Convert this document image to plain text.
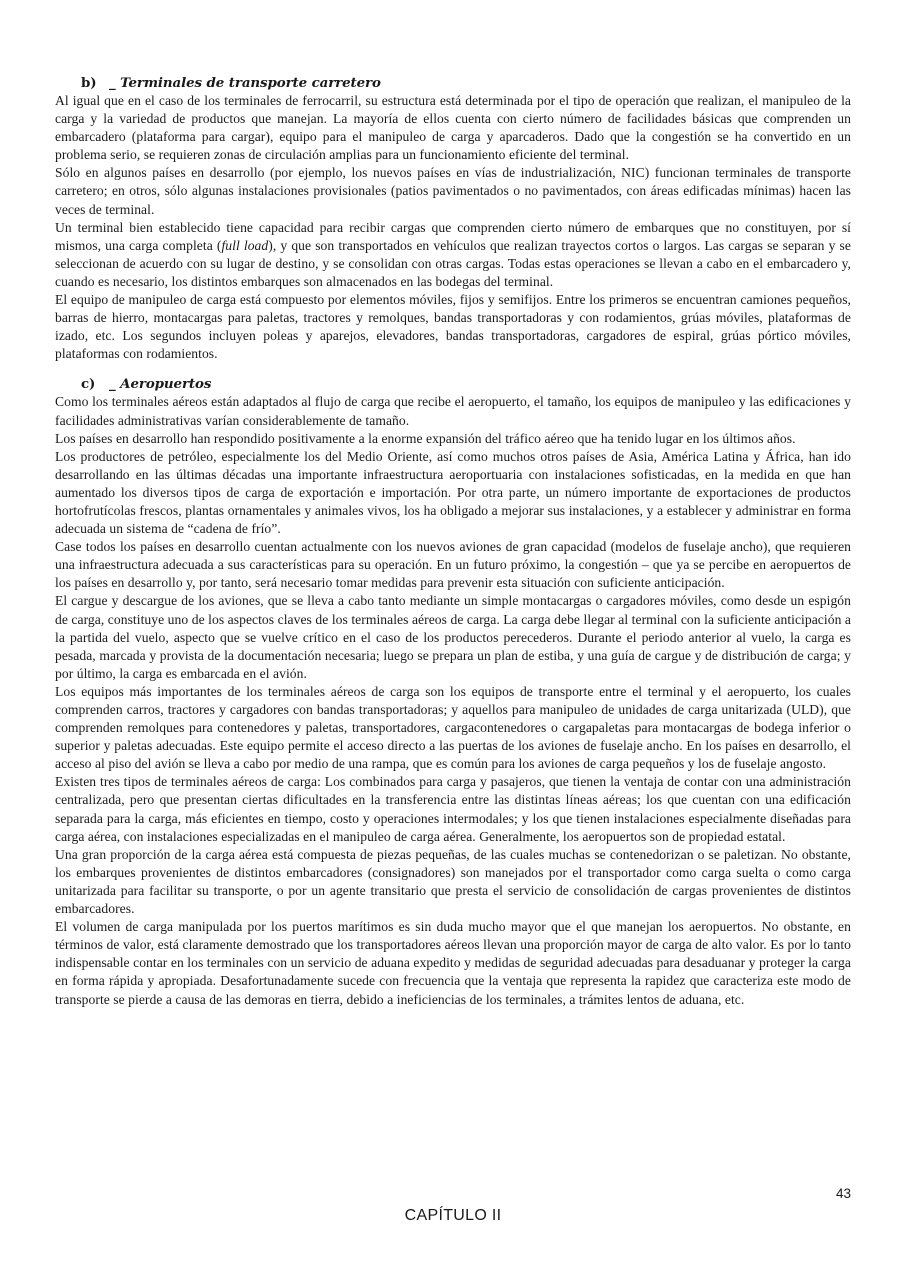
b) _ Terminales de transporte carretero

Al igual que en el caso de los terminales de ferrocarril, su estructura está determinada por el tipo de operación que realizan, el manipuleo de la carga y la variedad de productos que manejan. La mayoría de ellos cuenta con cierto número de facilidades básicas que comprenden un embarcadero (plataforma para cargar), equipo para el manipuleo de carga y aparcaderos. Dado que la congestión se ha convertido en un problema serio, se requieren zonas de circulación amplias para un funcionamiento eficiente del terminal.

Sólo en algunos países en desarrollo (por ejemplo, los nuevos países en vías de industrialización, NIC) funcionan terminales de transporte carretero; en otros, sólo algunas instalaciones provisionales (patios pavimentados o no pavimentados, con áreas edificadas mínimas) hacen las veces de terminal.

Un terminal bien establecido tiene capacidad para recibir cargas que comprenden cierto número de embarques que no constituyen, por sí mismos, una carga completa (full load), y que son transportados en vehículos que realizan trayectos cortos o largos. Las cargas se separan y se seleccionan de acuerdo con su lugar de destino, y se consolidan con otras cargas. Todas estas operaciones se llevan a cabo en el embarcadero y, cuando es necesario, los distintos embarques son almacenados en las bodegas del terminal.

El equipo de manipuleo de carga está compuesto por elementos móviles, fijos y semifijos. Entre los primeros se encuentran camiones pequeños, barras de hierro, montacargas para paletas, tractores y remolques, bandas transportadoras y con rodamientos, grúas móviles, plataformas de izado, etc. Los segundos incluyen poleas y aparejos, elevadores, bandas transportadoras, cargadores de espiral, grúas pórtico móviles, plataformas con rodamientos.

c) _ Aeropuertos

Como los terminales aéreos están adaptados al flujo de carga que recibe el aeropuerto, el tamaño, los equipos de manipuleo y las edificaciones y facilidades administrativas varían considerablemente de tamaño.

Los países en desarrollo han respondido positivamente a la enorme expansión del tráfico aéreo que ha tenido lugar en los últimos años.

Los productores de petróleo, especialmente los del Medio Oriente, así como muchos otros países de Asia, América Latina y África, han ido desarrollando en las últimas décadas una importante infraestructura aeroportuaria con instalaciones sofisticadas, en la medida en que han aumentado los diversos tipos de carga de exportación e importación. Por otra parte, un número importante de exportaciones de productos hortofrutícolas frescos, plantas ornamentales y animales vivos, los ha obligado a mejorar sus instalaciones, y a establecer y administrar en forma adecuada un sistema de “cadena de frío”.

Case todos los países en desarrollo cuentan actualmente con los nuevos aviones de gran capacidad (modelos de fuselaje ancho), que requieren una infraestructura adecuada a sus características para su operación. En un futuro próximo, la congestión – que ya se percibe en aeropuertos de los países en desarrollo y, por tanto, será necesario tomar medidas para prevenir esta situación con suficiente anticipación.

El cargue y descargue de los aviones, que se lleva a cabo tanto mediante un simple montacargas o cargadores móviles, como desde un espigón de carga, constituye uno de los aspectos claves de los terminales aéreos de carga. La carga debe llegar al terminal con la suficiente anticipación a la partida del vuelo, aspecto que se vuelve crítico en el caso de los productos perecederos. Durante el periodo anterior al vuelo, la carga es pesada, marcada y provista de la documentación necesaria; luego se prepara un plan de estiba, y una guía de cargue y de distribución de carga; y por último, la carga es embarcada en el avión.

Los equipos más importantes de los terminales aéreos de carga son los equipos de transporte entre el terminal y el aeropuerto, los cuales comprenden carros, tractores y cargadores con bandas transportadoras; y aquellos para manipuleo de unidades de carga unitarizada (ULD), que comprenden remolques para contenedores y paletas, transportadores, cargacontenedores o cargapaletas para montacargas de bodega inferior o superior y paletas adecuadas. Este equipo permite el acceso directo a las puertas de los aviones de fuselaje ancho. En los países en desarrollo, el acceso al piso del avión se lleva a cabo por medio de una rampa, que es común para los aviones de carga pequeños y los de fuselaje angosto.

Existen tres tipos de terminales aéreos de carga: Los combinados para carga y pasajeros, que tienen la ventaja de contar con una administración centralizada, pero que presentan ciertas dificultades en la transferencia entre las distintas líneas aéreas; los que cuentan con una edificación separada para la carga, más eficientes en tiempo, costo y operaciones intermodales; y los que tienen instalaciones especialmente diseñadas para carga aérea, con instalaciones especializadas en el manipuleo de carga aérea. Generalmente, los aeropuertos son de propiedad estatal.

Una gran proporción de la carga aérea está compuesta de piezas pequeñas, de las cuales muchas se contenedorizan o se paletizan. No obstante, los embarques provenientes de distintos embarcadores (consignadores) son manejados por el transportador como carga suelta o como carga unitarizada para facilitar su transporte, o por un agente transitario que presta el servicio de consolidación de cargas provenientes de distintos embarcadores.

El volumen de carga manipulada por los puertos marítimos es sin duda mucho mayor que el que manejan los aeropuertos. No obstante, en términos de valor, está claramente demostrado que los transportadores aéreos llevan una proporción mayor de carga de alto valor. Es por lo tanto indispensable contar en los terminales con un servicio de aduana expedito y medidas de seguridad adecuadas para desaduanar y proteger la carga en forma rápida y apropiada. Desafortunadamente sucede con frecuencia que la ventaja que representa la rapidez que caracteriza este modo de transporte se pierde a causa de las demoras en tierra, debido a ineficiencias de los terminales, a trámites lentos de aduana, etc.

43
CAPÍTULO II
